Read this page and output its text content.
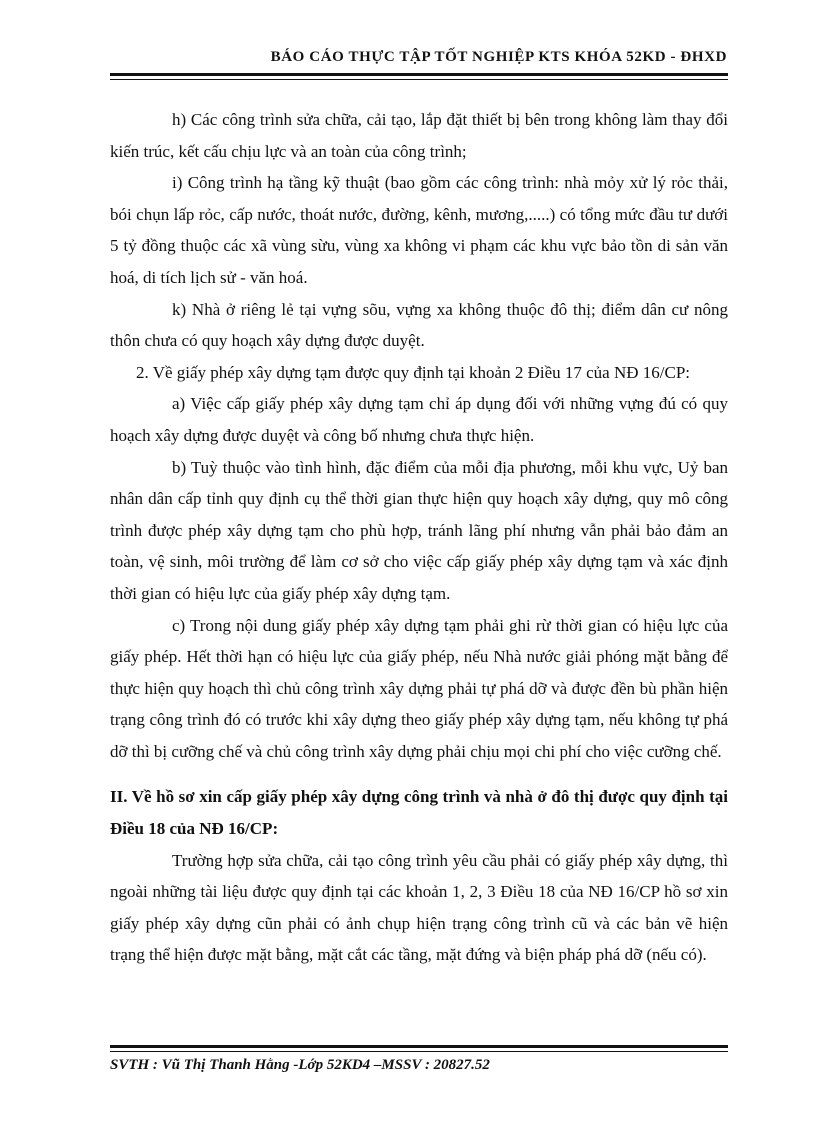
BÁO CÁO THỰC TẬP TỐT NGHIỆP KTS KHÓA 52KD - ĐHXD

h) Các công trình sửa chữa, cải tạo, lắp đặt thiết bị bên trong không làm thay đổi kiến trúc, kết cấu chịu lực và an toàn của công trình;

i) Công trình hạ tầng kỹ thuật (bao gồm các công trình: nhà mỏy xử lý rỏc thải, bói chụn lấp rỏc, cấp nước, thoát nước, đường, kênh, mương,.....) có tổng mức đầu tư dưới 5 tỷ đồng thuộc các xã vùng sừu, vùng xa không vi phạm các khu vực bảo tồn di sản văn hoá, di tích lịch sử - văn hoá.

k) Nhà ở riêng lẻ tại vựng sõu, vựng xa không thuộc đô thị; điểm dân cư nông thôn chưa có quy hoạch xây dựng được duyệt.

2. Về giấy phép xây dựng tạm được quy định tại khoản 2 Điều 17 của NĐ 16/CP:

a) Việc cấp giấy phép xây dựng tạm chỉ áp dụng đối với những vựng đú có quy hoạch xây dựng được duyệt và công bố nhưng chưa thực hiện.

b) Tuỳ thuộc vào tình hình, đặc điểm của mỗi địa phương, mỗi khu vực, Uỷ ban nhân dân cấp tỉnh quy định cụ thể thời gian thực hiện quy hoạch xây dựng, quy mô công trình được phép xây dựng tạm cho phù hợp, tránh lãng phí nhưng vẫn phải bảo đảm an toàn, vệ sinh, môi trường để làm cơ sở cho việc cấp giấy phép xây dựng tạm và xác định thời gian có hiệu lực của giấy phép xây dựng tạm.

c) Trong nội dung giấy phép xây dựng tạm phải ghi rừ thời gian có hiệu lực của giấy phép. Hết thời hạn có hiệu lực của giấy phép, nếu Nhà nước giải phóng mặt bằng để thực hiện quy hoạch thì chủ công trình xây dựng phải tự phá dỡ và được đền bù phần hiện trạng công trình đó có trước khi xây dựng theo giấy phép xây dựng tạm, nếu không tự phá dỡ thì bị cưỡng chế và chủ công trình xây dựng phải chịu mọi chi phí cho việc cưỡng chế.

II. Về hồ sơ xin cấp giấy phép xây dựng công trình và nhà ở đô thị được quy định tại Điều 18 của NĐ 16/CP:

Trường hợp sửa chữa, cải tạo công trình yêu cầu phải có giấy phép xây dựng, thì ngoài những tài liệu được quy định tại các khoản 1, 2, 3 Điều 18 của NĐ 16/CP hồ sơ xin giấy phép xây dựng cũn phải có ảnh chụp hiện trạng công trình cũ và các bản vẽ hiện trạng thể hiện được mặt bằng, mặt cắt các tầng, mặt đứng và biện pháp phá dỡ (nếu có).

SVTH : Vũ Thị Thanh Hằng -Lớp 52KD4 –MSSV : 20827.52
